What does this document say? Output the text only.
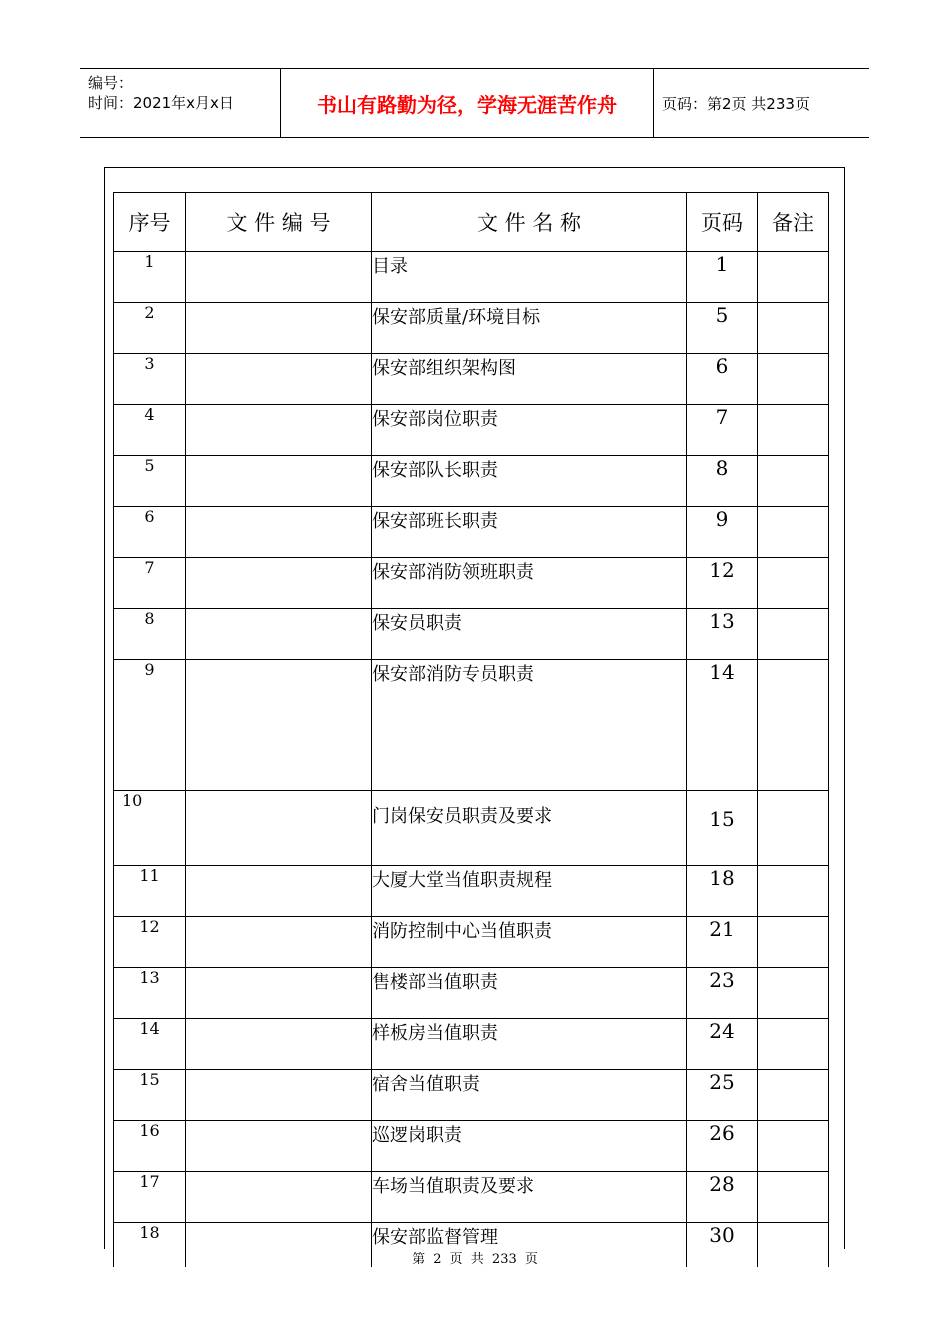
编号：
时间：2021年x月x日	书山有路勤为径，学海无涯苦作舟	页码：第2页 共233页
序号	文 件 编 号	文 件 名 称	页码	备注
1		目录	1	
2		保安部质量/环境目标	5	
3		保安部组织架构图	6	
4		保安部岗位职责	7	
5		保安部队长职责	8	
6		保安部班长职责	9	
7		保安部消防领班职责	12	
8		保安员职责	13	
9		保安部消防专员职责	14	
10		门岗保安员职责及要求	15	
11		大厦大堂当值职责规程	18	
12		消防控制中心当值职责	21	
13		售楼部当值职责	23	
14		样板房当值职责	24	
15		宿舍当值职责	25	
16		巡逻岗职责	26	
17		车场当值职责及要求	28	
18		保安部监督管理	30	
第 2 页 共 233 页
